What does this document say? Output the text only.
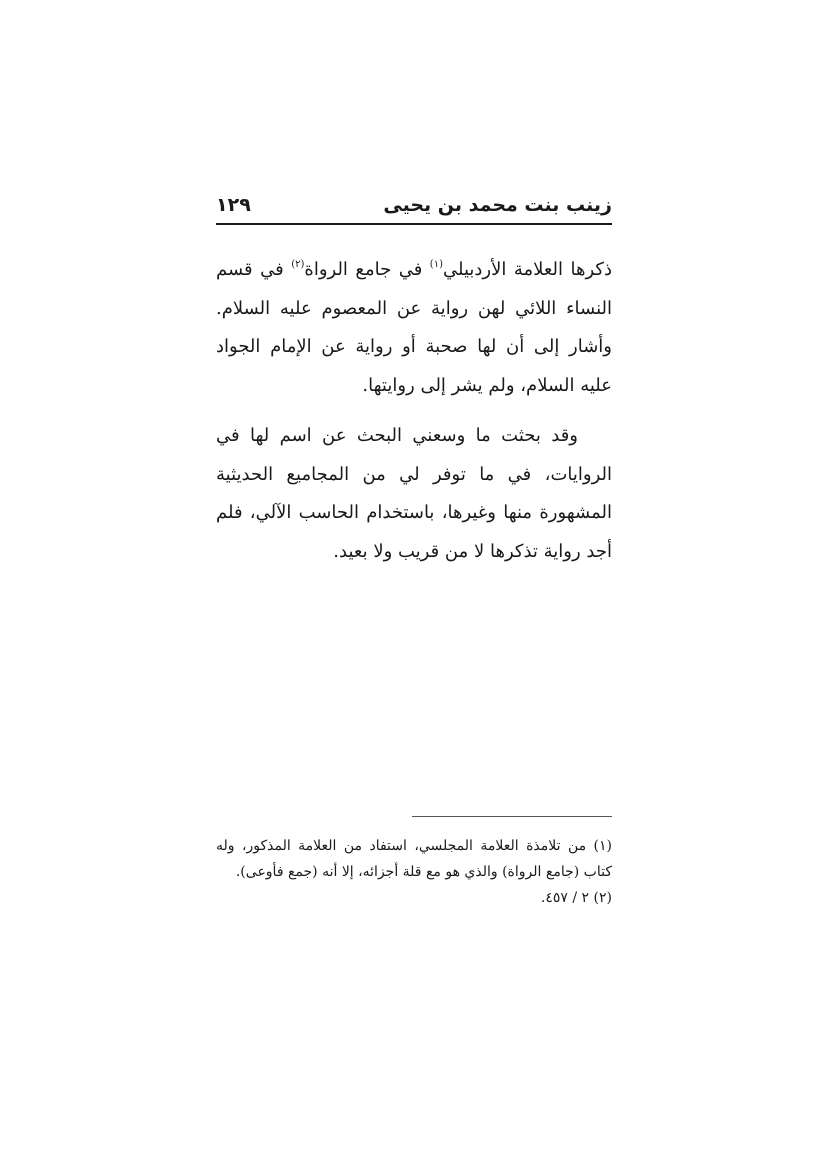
زينب بنت محمد بن يحيى
١٢٩

ذكرها العلامة الأردبيلي$^{(١)}$ في جامع الرواة$^{(٢)}$ في قسم النساء اللائي لهن رواية عن المعصوم عليه السلام. وأشار إلى أن لها صحبة أو رواية عن الإمام الجواد عليه السلام، ولم يشر إلى روايتها.

وقد بحثت ما وسعني البحث عن اسم لها في الروايات، في ما توفر لي من المجاميع الحديثية المشهورة منها وغيرها، باستخدام الحاسب الآلي، فلم أجد رواية تذكرها لا من قريب ولا بعيد.

(١) من تلامذة العلامة المجلسي، استفاد من العلامة المذكور، وله كتاب (جامع الرواة) والذي هو مع قلة أجزائه، إلا أنه (جمع فأوعى).

(٢) ٢ / ٤٥٧.
